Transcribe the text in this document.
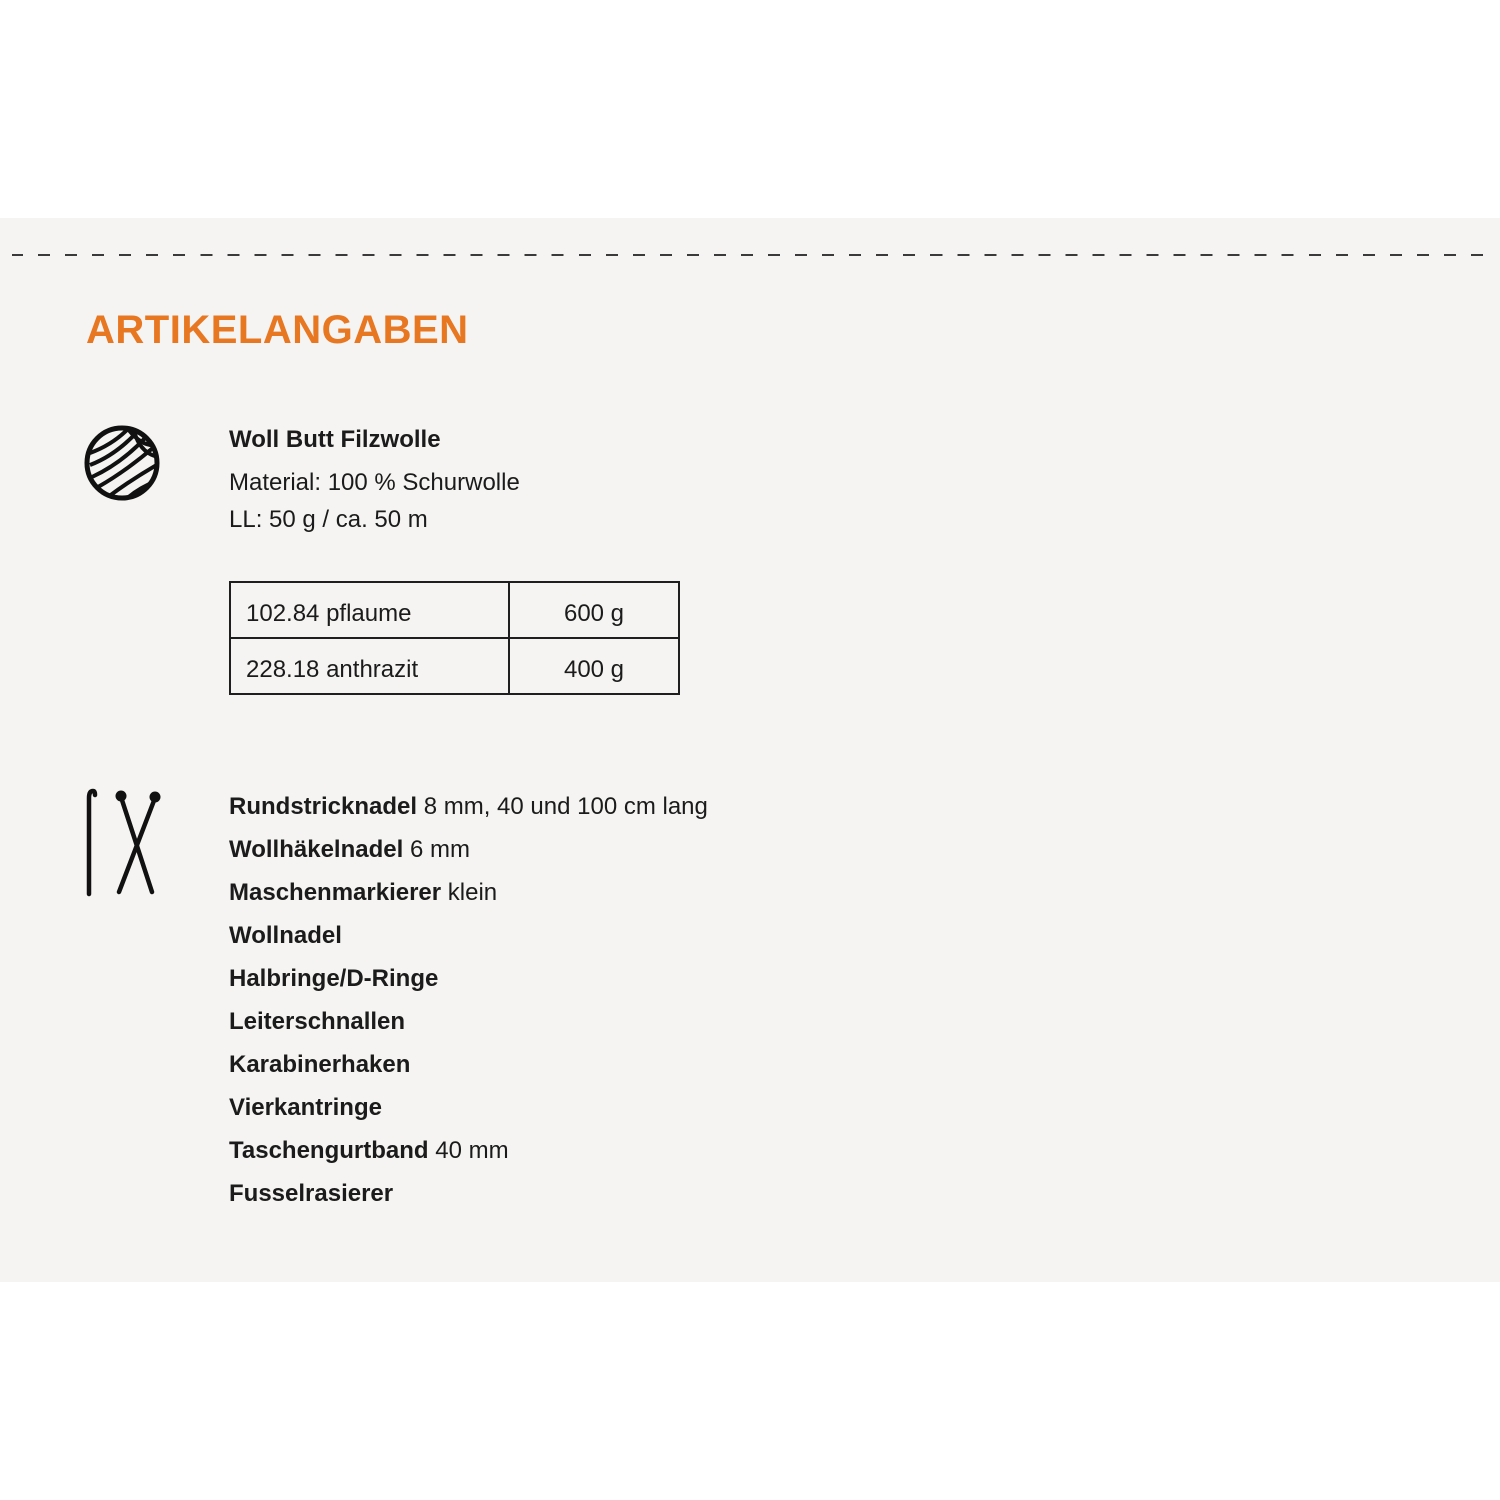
ARTIKELANGABEN
Woll Butt Filzwolle
Material: 100 % Schurwolle
LL: 50 g / ca. 50 m
102.84 pflaume	600 g
228.18 anthrazit	400 g
Rundstricknadel 8 mm, 40 und 100 cm lang
Wollhäkelnadel 6 mm
Maschenmarkierer klein
Wollnadel
Halbringe/D-Ringe
Leiterschnallen
Karabinerhaken
Vierkantringe
Taschengurtband 40 mm
Fusselrasierer
